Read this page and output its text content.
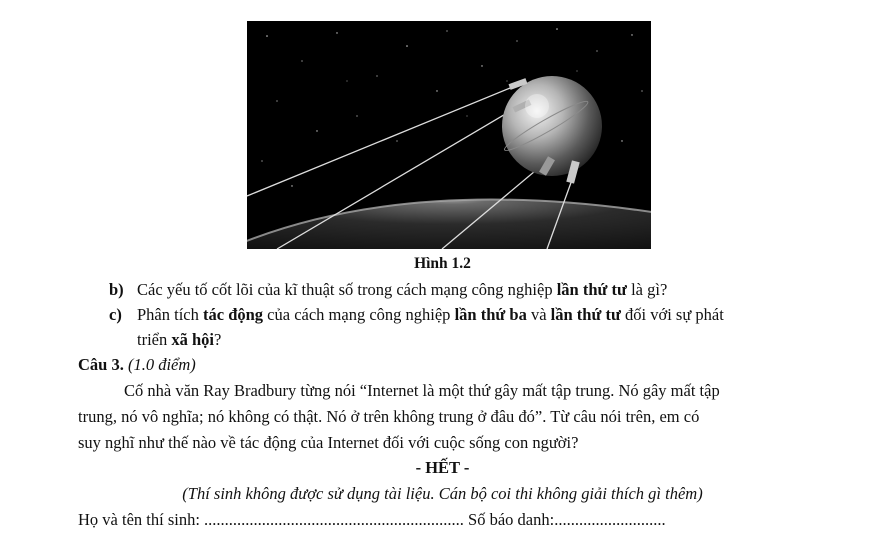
Hình 1.2
b) Các yếu tố cốt lõi của kĩ thuật số trong cách mạng công nghiệp lần thứ tư là gì?
c) Phân tích tác động của cách mạng công nghiệp lần thứ ba và lần thứ tư đối với sự phát
triển xã hội?
Câu 3. (1.0 điểm)
Cố nhà văn Ray Bradbury từng nói “Internet là một thứ gây mất tập trung. Nó gây mất tập
trung, nó vô nghĩa; nó không có thật. Nó ở trên không trung ở đâu đó”. Từ câu nói trên, em có
suy nghĩ như thế nào về tác động của Internet đối với cuộc sống con người?
- HẾT -
(Thí sinh không được sử dụng tài liệu. Cán bộ coi thi không giải thích gì thêm)
Họ và tên thí sinh: ............................................................... Số báo danh:...........................
